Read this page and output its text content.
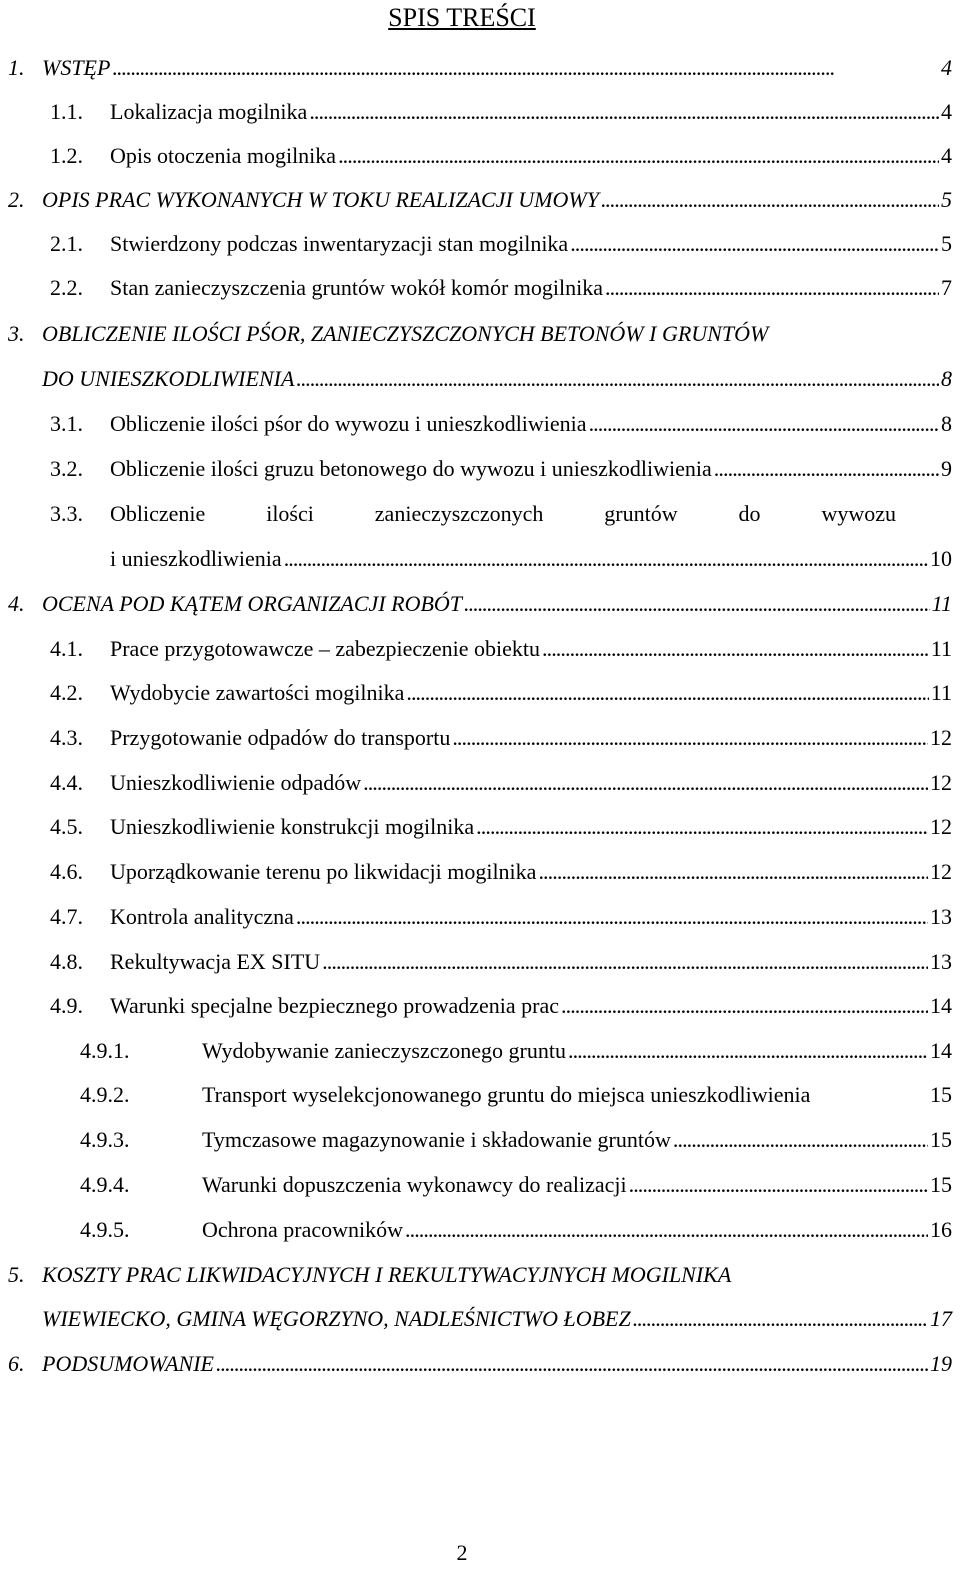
SPIS TREŚCI
1. WSTĘP . . .	4
1.1.	Lokalizacja mogilnika . . .	4
1.2.	Opis otoczenia mogilnika . . .	4
2. OPIS PRAC WYKONANYCH W TOKU REALIZACJI UMOWY . . .	5
2.1.	Stwierdzony podczas inwentaryzacji stan mogilnika . . .	5
2.2.	Stan zanieczyszczenia gruntów wokół komór mogilnika . . .	7
3. OBLICZENIE ILOŚCI PŚOR, ZANIECZYSZCZONYCH BETONÓW I GRUNTÓW
DO UNIESZKODLIWIENIA . . .	8
3.1.	Obliczenie ilości pśor do wywozu i unieszkodliwienia . . .	8
3.2.	Obliczenie ilości gruzu betonowego do wywozu i unieszkodliwienia . . .	9
3.3.	Obliczenie ilości zanieczyszczonych gruntów do wywozu
i unieszkodliwienia . . .	10
4. OCENA POD KĄTEM ORGANIZACJI ROBÓT . . .	11
4.1.	Prace przygotowawcze – zabezpieczenie obiektu . . .	11
4.2.	Wydobycie zawartości mogilnika . . .	11
4.3.	Przygotowanie odpadów do transportu . . .	12
4.4.	Unieszkodliwienie odpadów . . .	12
4.5.	Unieszkodliwienie konstrukcji mogilnika . . .	12
4.6.	Uporządkowanie terenu po likwidacji mogilnika . . .	12
4.7.	Kontrola analityczna . . .	13
4.8.	Rekultywacja EX SITU . . .	13
4.9.	Warunki specjalne bezpiecznego prowadzenia prac . . .	14
4.9.1.	Wydobywanie zanieczyszczonego gruntu . . .	14
4.9.2.	Transport wyselekcjonowanego gruntu do miejsca unieszkodliwienia	15
4.9.3.	Tymczasowe magazynowanie i składowanie gruntów . . .	15
4.9.4.	Warunki dopuszczenia wykonawcy do realizacji . . .	15
4.9.5.	Ochrona pracowników . . .	16
5. KOSZTY PRAC LIKWIDACYJNYCH I REKULTYWACYJNYCH MOGILNIKA
WIEWIECKO, GMINA WĘGORZYNO, NADLEŚNICTWO ŁOBEZ . . .	17
6. PODSUMOWANIE . . .	19
2
